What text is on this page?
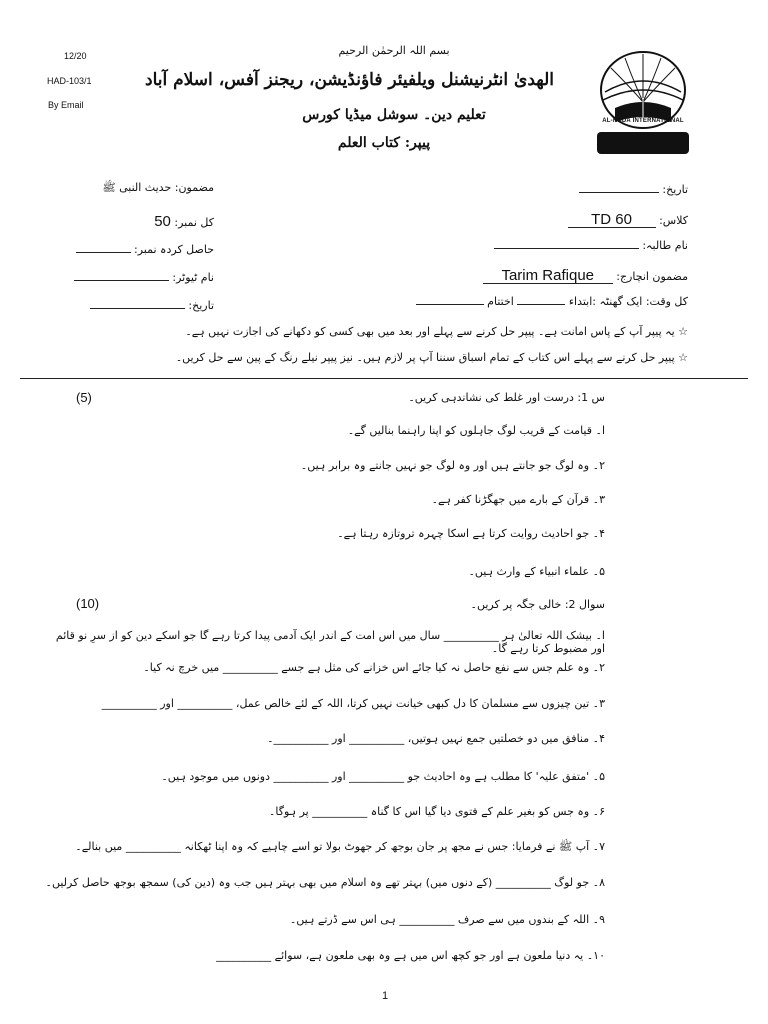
12/20
HAD-103/1
By Email
بسم اللہ الرحمٰن الرحیم
الھدیٰ انٹرنیشنل ویلفیئر فاؤنڈیشن، ریجنز آفس، اسلام آباد
تعلیم دین۔ سوشل میڈیا کورس
پیپر: کتاب العلم
AL-HUDA INTERNATIONAL
تاریخ:
کلاس: TD 60
نام طالبہ:
مضمون انچارج: Tarim Rafique
کل وقت: ایک گھنٹہ :ابتداء  اختتام
مضمون: حدیث النبی ﷺ
کل نمبر: 50
حاصل کردہ نمبر:
نام ٹیوٹر:
تاریخ:
☆ یہ پیپر آپ کے پاس امانت ہے۔ پیپر حل کرنے سے پہلے اور بعد میں بھی کسی کو دکھانے کی اجازت نہیں ہے۔
☆ پیپر حل کرنے سے پہلے اس کتاب کے تمام اسباق سننا آپ پر لازم ہیں۔ نیز پیپر نیلے رنگ کے پین سے حل کریں۔
س 1: درست اور غلط کی نشاندہی کریں۔
(5)
ا۔ قیامت کے قریب لوگ جاہلوں کو اپنا راہنما بنالیں گے۔
۲۔ وہ لوگ جو جانتے ہیں اور وہ لوگ جو نہیں جانتے وہ برابر ہیں۔
۳۔ قرآن کے بارے میں جھگڑنا کفر ہے۔
۴۔ جو احادیث روایت کرتا ہے اسکا چہرہ تروتازہ رہتا ہے۔
۵۔ علماء انبیاء کے وارث ہیں۔
سوال 2: خالی جگہ پر کریں۔
(10)
ا۔ بیشک اللہ تعالیٰ ہر __________ سال میں اس امت کے اندر ایک آدمی پیدا کرتا رہے گا جو اسکے دین کو از سرِ نو قائم اور مضبوط کرتا رہے گا۔
۲۔ وہ علم جس سے نفع حاصل نہ کیا جائے اس خزانے کی مثل ہے جسے __________ میں خرچ نہ کیا۔
۳۔ تین چیزوں سے مسلمان کا دل کبھی خیانت نہیں کرتا، اللہ کے لئے خالص عمل، __________ اور __________
۴۔ منافق میں دو خصلتیں جمع نہیں ہوتیں، __________ اور __________۔
۵۔ 'متفق علیہ' کا مطلب ہے وہ احادیث جو __________ اور __________ دونوں میں موجود ہیں۔
۶۔ وہ جس کو بغیر علم کے فتوی دیا گیا اس کا گناہ __________ پر ہوگا۔
۷۔ آپ ﷺ نے فرمایا: جس نے مجھ پر جان بوجھ کر جھوٹ بولا تو اسے چاہیے کہ وہ اپنا ٹھکانہ __________ میں بنالے۔
۸۔ جو لوگ __________ (کے دنوں میں) بہتر تھے وہ اسلام میں بھی بہتر ہیں جب وہ (دین کی) سمجھ بوجھ حاصل کرلیں۔
۹۔ اللہ کے بندوں میں سے صرف __________ ہی اس سے ڈرتے ہیں۔
۱۰۔ یہ دنیا ملعون ہے اور جو کچھ اس میں ہے وہ بھی ملعون ہے، سوائے __________
1
